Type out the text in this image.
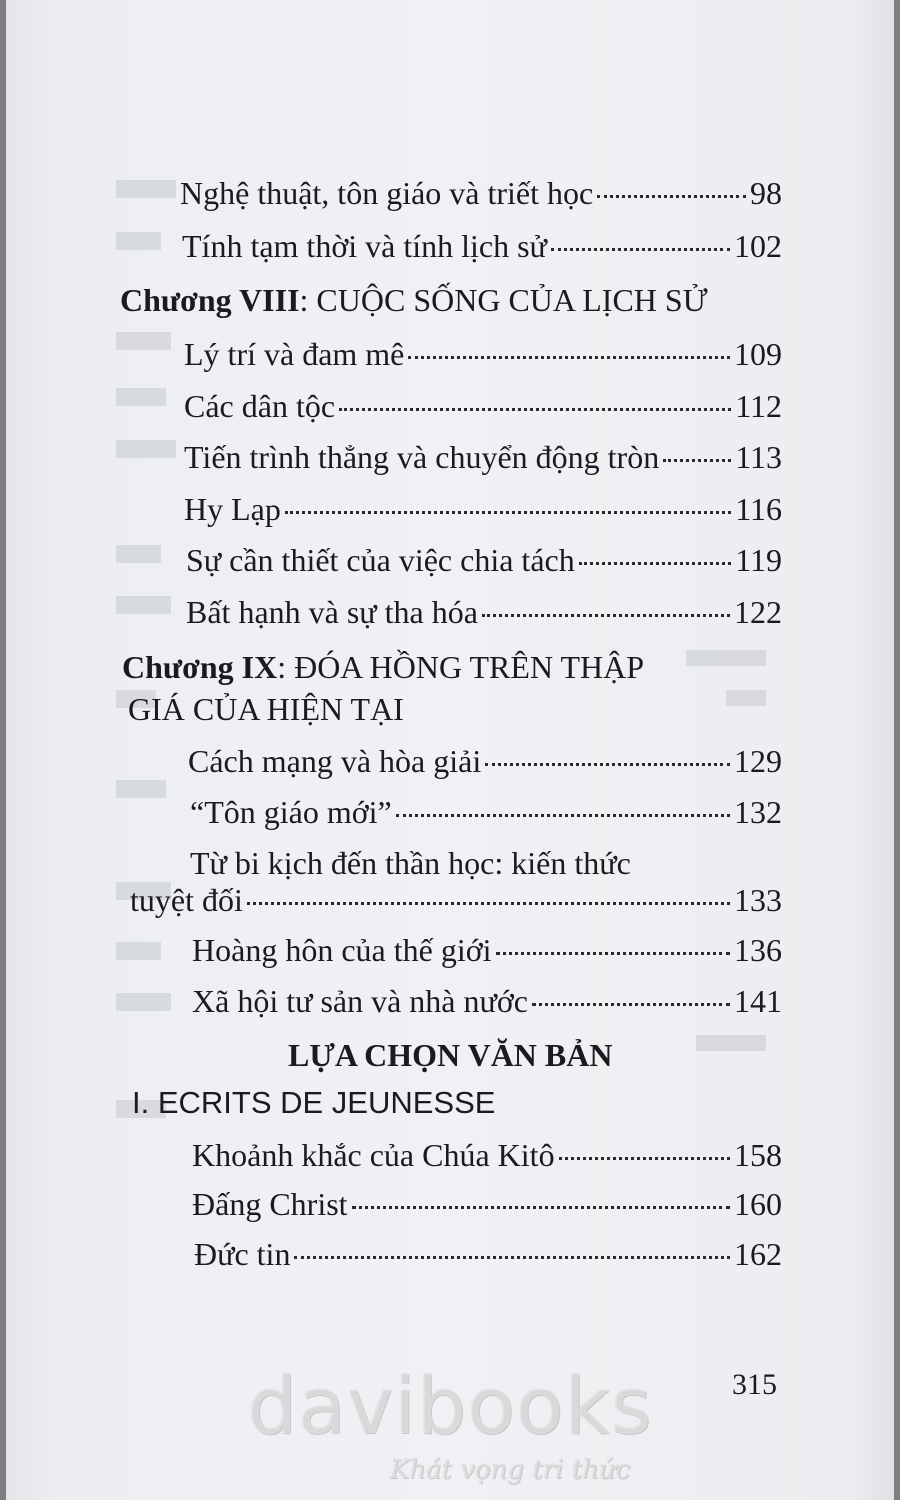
Nghệ thuật, tôn giáo và triết học	98
Tính tạm thời và tính lịch sử	102
Chương VIII: CUỘC SỐNG CỦA LỊCH SỬ
Lý trí và đam mê	109
Các dân tộc	112
Tiến trình thẳng và chuyển động tròn 113
Hy Lạp	116
Sự cần thiết của việc chia tách	119
Bất hạnh và sự tha hóa	122
Chương IX: ĐÓA HỒNG TRÊN THẬP
GIÁ CỦA HIỆN TẠI
Cách mạng và hòa giải	129
“Tôn giáo mới”	132
Từ bi kịch đến thần học: kiến thức
tuyệt đối	133
Hoàng hôn của thế giới	136
Xã hội tư sản và nhà nước	141
LỰA CHỌN VĂN BẢN
I. ECRITS DE JEUNESSE
Khoảnh khắc của Chúa Kitô	158
Đấng Christ	160
Đức tin	162
315
davibooks
Khát vọng tri thức
